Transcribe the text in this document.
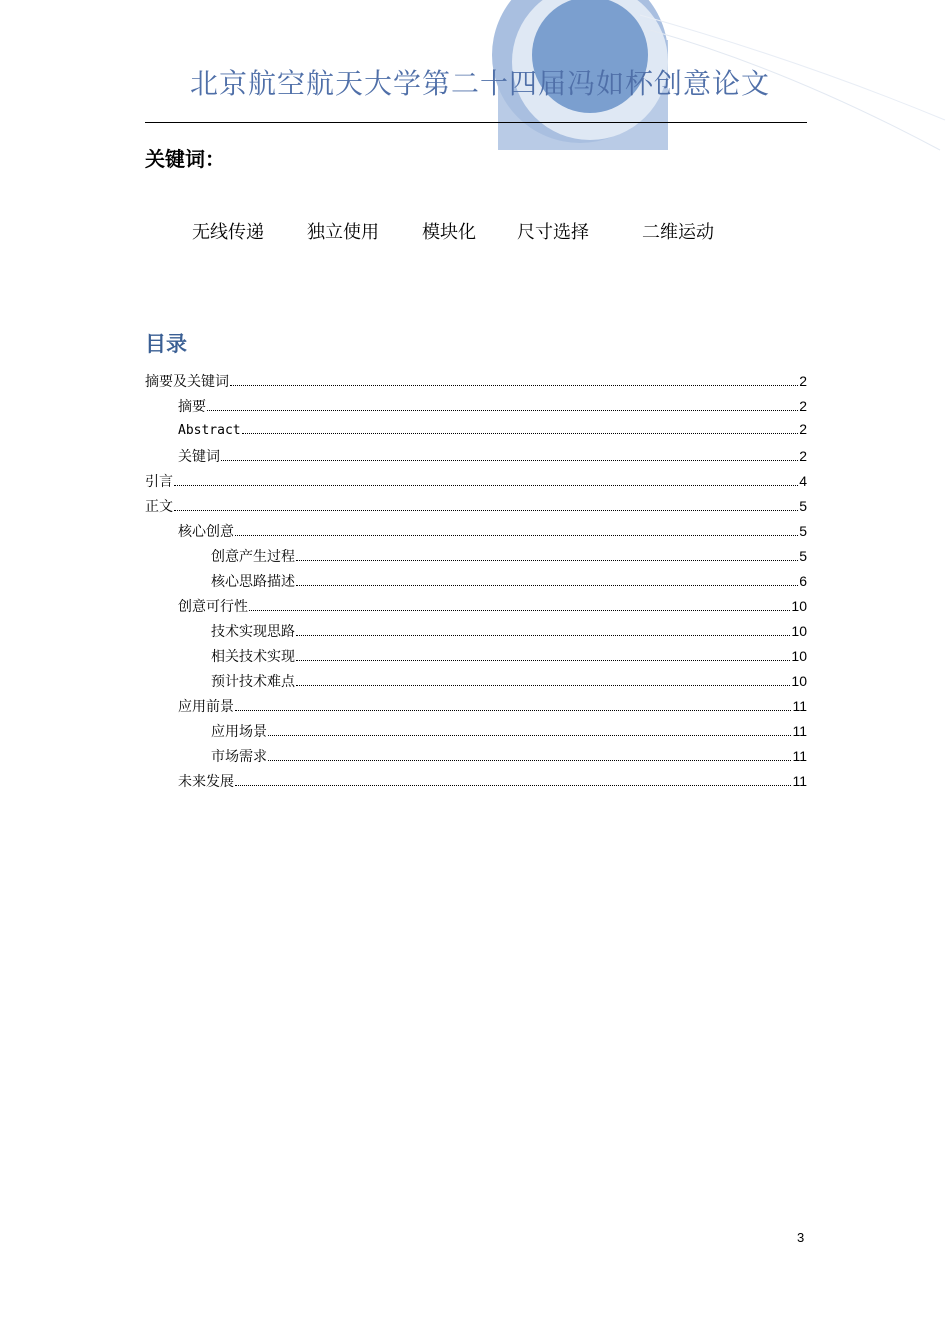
北京航空航天大学第二十四届冯如杯创意论文
关键词：
无线传递 独立使用 模块化 尺寸选择	二维运动
目录
摘要及关键词	2
摘要	2
Abstract	2
关键词	2
引言	4
正文	5
核心创意	5
创意产生过程	5
核心思路描述	6
创意可行性	10
技术实现思路	10
相关技术实现	10
预计技术难点	10
应用前景	11
应用场景	11
市场需求	11
未来发展	11
3
